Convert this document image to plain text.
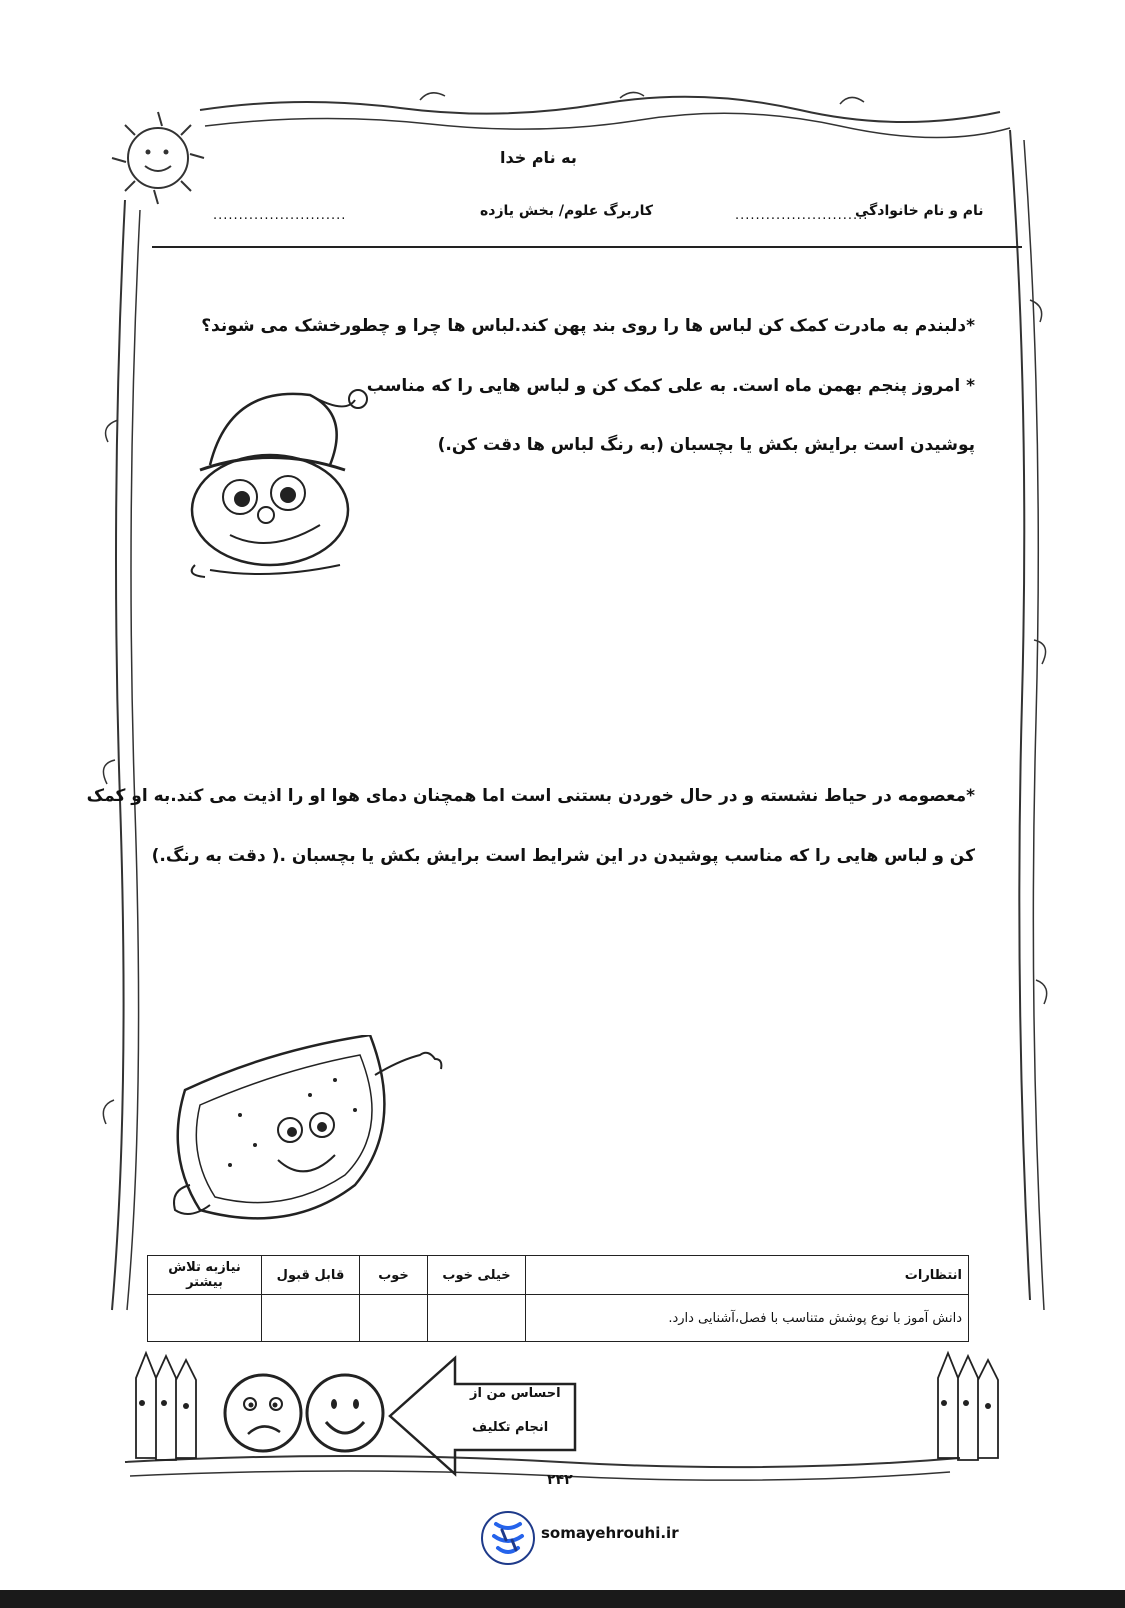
به نام خدا
نام و نام خانوادگی
..........................
کاربرگ علوم/ بخش یازده
..........................
*دلبندم به مادرت کمک کن لباس ها را روی بند پهن کند.لباس ها چرا و چطورخشک می شوند؟
* امروز پنجم بهمن ماه است. به علی کمک کن و لباس هایی را که مناسب
پوشیدن است برایش بکش یا بچسبان (به رنگ لباس ها دقت کن.)
*معصومه در حیاط نشسته و در حال خوردن بستنی است اما همچنان دمای هوا او را اذیت می کند.به او کمک
کن و لباس هایی را که مناسب پوشیدن در این شرایط است برایش بکش یا بچسبان .( دقت به رنگ.)
انتظارات	خیلی خوب	خوب	قابل قبول	نیازبه تلاش بیشتر
دانش آموز با نوع پوشش متناسب با فصل،آشنایی دارد.				
احساس من از
انجام تکلیف
۲۴۲
somayehrouhi.ir
